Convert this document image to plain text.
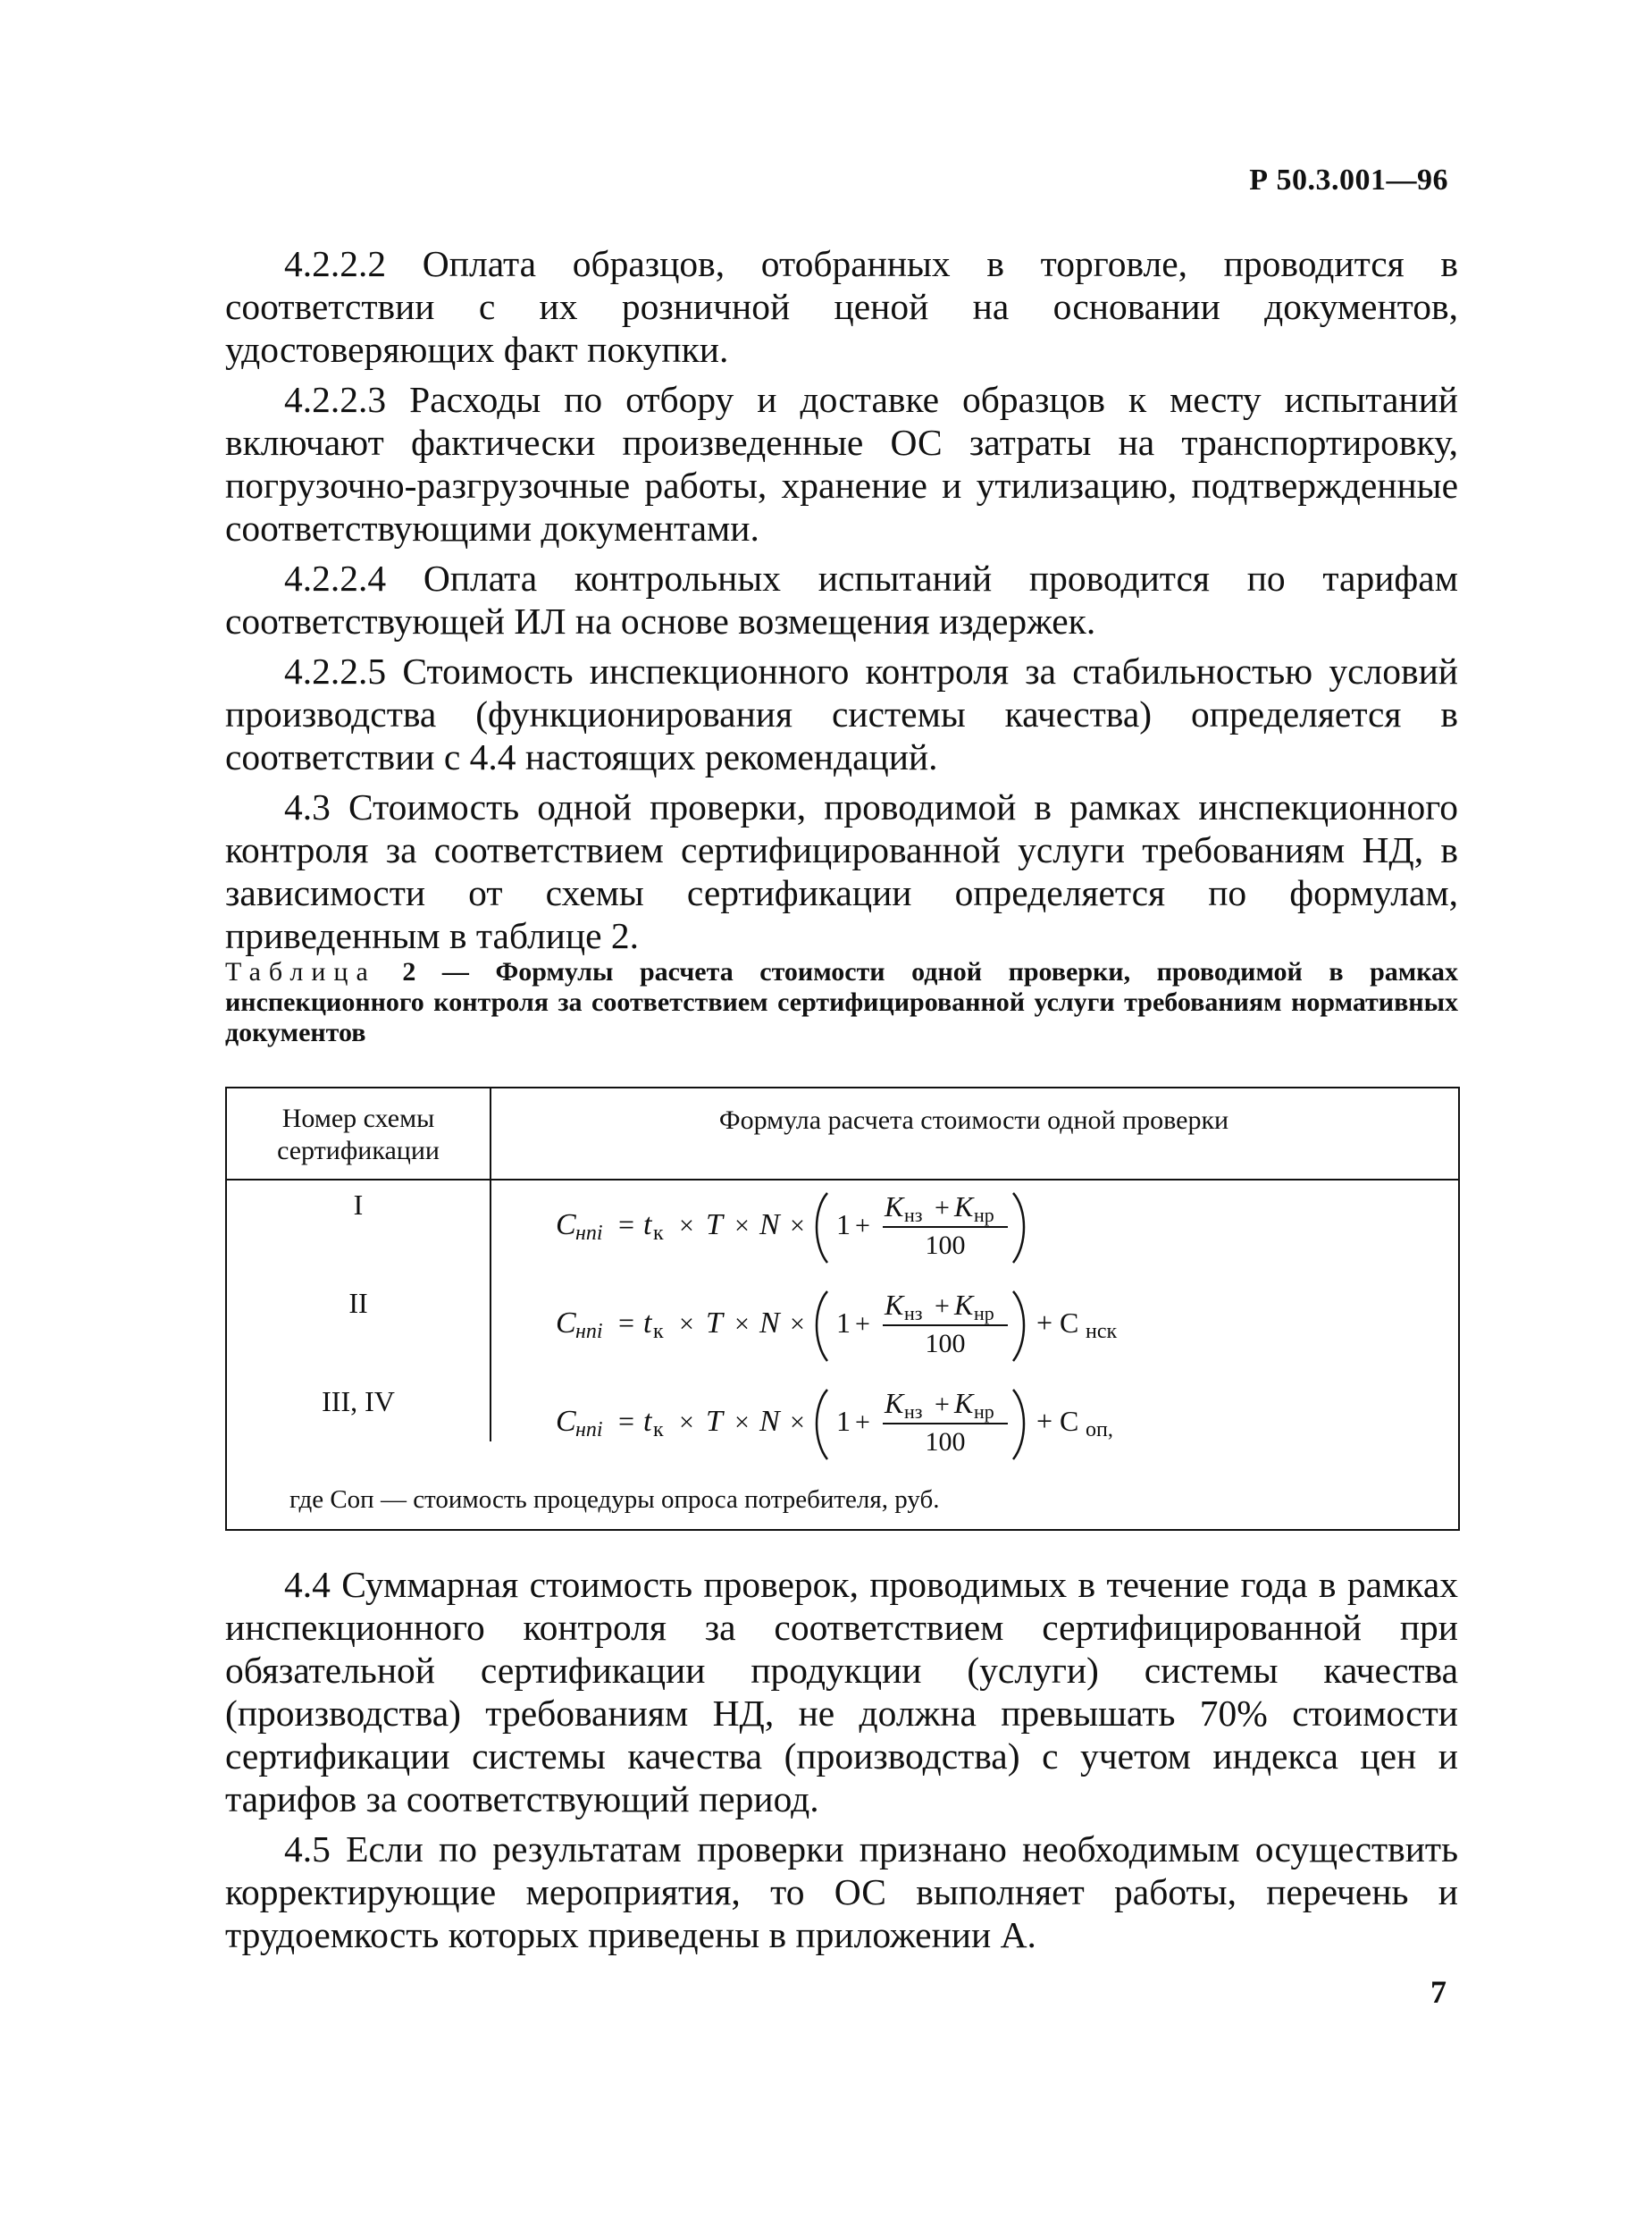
Р 50.3.001—96

4.2.2.2 Оплата образцов, отобранных в торговле, проводится в соответствии с их розничной ценой на основании документов, удостоверяющих факт покупки.

4.2.2.3 Расходы по отбору и доставке образцов к месту испытаний включают фактически произведенные ОС затраты на транспортировку, погрузочно-разгрузочные работы, хранение и утилизацию, подтвержденные соответствующими документами.

4.2.2.4 Оплата контрольных испытаний проводится по тарифам соответствующей ИЛ на основе возмещения издержек.

4.2.2.5 Стоимость инспекционного контроля за стабильностью условий производства (функционирования системы качества) определяется в соответствии с 4.4 настоящих рекомендаций.

4.3 Стоимость одной проверки, проводимой в рамках инспекционного контроля за соответствием сертифицированной услуги требованиям НД, в зависимости от схемы сертификации определяется по формулам, приведенным в таблице 2.

Таблица 2 — Формулы расчета стоимости одной проверки, проводимой в рамках инспекционного контроля за соответствием сертифицированной услуги требованиям нормативных документов
Номер схемы сертификации
Формула расчета стоимости одной проверки
I
II
III, IV
C нпi = t к × T × N × 1 +
K нз + K нр
100
C нпi = t к × T × N × 1 +
K нз + K нр
100
+ C нск
C нпi = t к × T × N × 1 +
K нз + K нр
100
+ C оп,
где Cоп — стоимость процедуры опроса потребителя, руб.

4.4 Суммарная стоимость проверок, проводимых в течение года в рамках инспекционного контроля за соответствием сертифицированной при обязательной сертификации продукции (услуги) системы качества (производства) требованиям НД, не должна превышать 70% стоимости сертификации системы качества (производства) с учетом индекса цен и тарифов за соответствующий период.

4.5 Если по результатам проверки признано необходимым осуществить корректирующие мероприятия, то ОС выполняет работы, перечень и трудоемкость которых приведены в приложении А.

7
